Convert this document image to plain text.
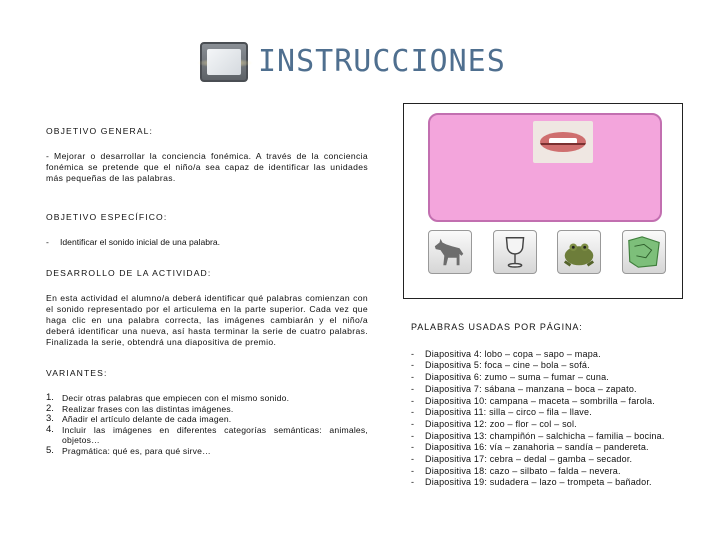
INSTRUCCIONES
OBJETIVO GENERAL:
- Mejorar o desarrollar la conciencia fonémica. A través de la conciencia fonémica se pretende que el niño/a sea capaz de identificar las unidades más pequeñas de las palabras.
OBJETIVO ESPECÍFICO:
-	Identificar el sonido inicial de una palabra.
DESARROLLO DE LA ACTIVIDAD:
En esta actividad el alumno/a deberá identificar qué palabras comienzan con el sonido representado por el articulema en la parte superior. Cada vez que haga clic en una palabra correcta, las imágenes cambiarán y el niño/a deberá identificar una nueva, así hasta terminar la serie de cuatro palabras. Finalizada la serie, obtendrá una diapositiva de premio.
VARIANTES:
1. Decir otras palabras que empiecen con el mismo sonido.
2. Realizar frases con las distintas imágenes.
3. Añadir el artículo delante de cada imagen.
4. Incluir las imágenes en diferentes categorías semánticas: animales, objetos…
5. Pragmática: qué es, para qué sirve…
PALABRAS USADAS POR PÁGINA:
-	Diapositiva 4: lobo – copa – sapo – mapa.
-	Diapositiva 5: foca – cine – bola – sofá.
-	Diapositiva 6: zumo – suma – fumar – cuna.
-	Diapositiva 7: sábana – manzana – boca – zapato.
-	Diapositiva 10: campana – maceta – sombrilla – farola.
-	Diapositiva 11: silla – circo – fila – llave.
-	Diapositiva 12: zoo – flor – col – sol.
-	Diapositiva 13: champiñón – salchicha – familia – bocina.
-	Diapositiva 16: vía – zanahoria – sandía – pandereta.
-	Diapositiva 17: cebra – dedal – gamba – secador.
-	Diapositiva 18: cazo – silbato – falda – nevera.
-	Diapositiva 19: sudadera – lazo – trompeta – bañador.
